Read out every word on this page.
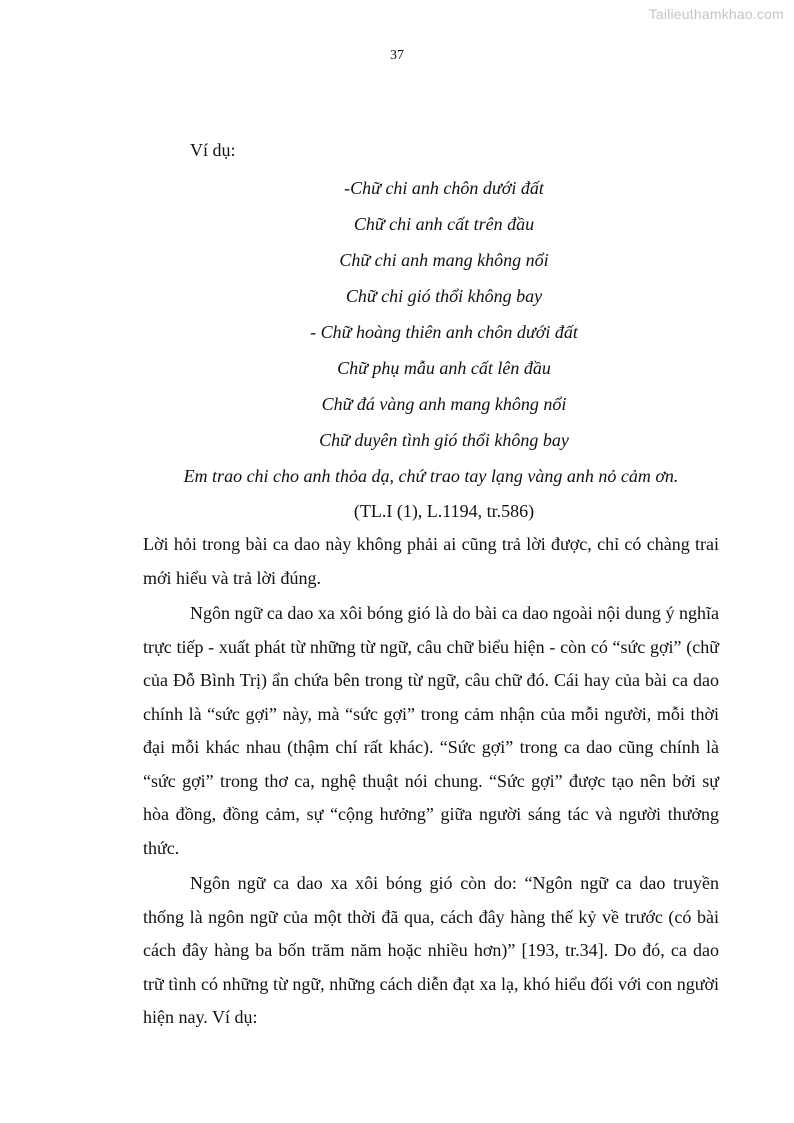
Tailieuthamkhao.com
37
Ví dụ:
-Chữ chi anh chôn dưới đất
Chữ chi anh cất trên đầu
Chữ chi anh mang không nổi
Chữ chi gió thổi không bay
- Chữ hoàng thiên anh chôn dưới đất
Chữ phụ mẫu anh cất lên đầu
Chữ đá vàng anh mang không nổi
Chữ duyên tình gió thổi không bay
Em trao chi cho anh thỏa dạ, chứ trao tay lạng vàng anh nỏ cảm ơn.
(TL.I (1), L.1194, tr.586)

Lời hỏi trong bài ca dao này không phải ai cũng trả lời được, chỉ có chàng trai mới hiểu và trả lời đúng.

Ngôn ngữ ca dao xa xôi bóng gió là do bài ca dao ngoài nội dung ý nghĩa trực tiếp - xuất phát từ những từ ngữ, câu chữ biểu hiện - còn có “sức gợi” (chữ của Đỗ Bình Trị) ẩn chứa bên trong từ ngữ, câu chữ đó. Cái hay của bài ca dao chính là “sức gợi” này, mà “sức gợi” trong cảm nhận của mỗi người, mỗi thời đại mỗi khác nhau (thậm chí rất khác). “Sức gợi” trong ca dao cũng chính là “sức gợi” trong thơ ca, nghệ thuật nói chung. “Sức gợi” được tạo nên bởi sự hòa đồng, đồng cảm, sự “cộng hưởng” giữa người sáng tác và người thưởng thức.

Ngôn ngữ ca dao xa xôi bóng gió còn do: “Ngôn ngữ ca dao truyền thống là ngôn ngữ của một thời đã qua, cách đây hàng thế kỷ về trước (có bài cách đây hàng ba bốn trăm năm hoặc nhiều hơn)” [193, tr.34]. Do đó, ca dao trữ tình có những từ ngữ, những cách diễn đạt xa lạ, khó hiểu đối với con người hiện nay. Ví dụ:
